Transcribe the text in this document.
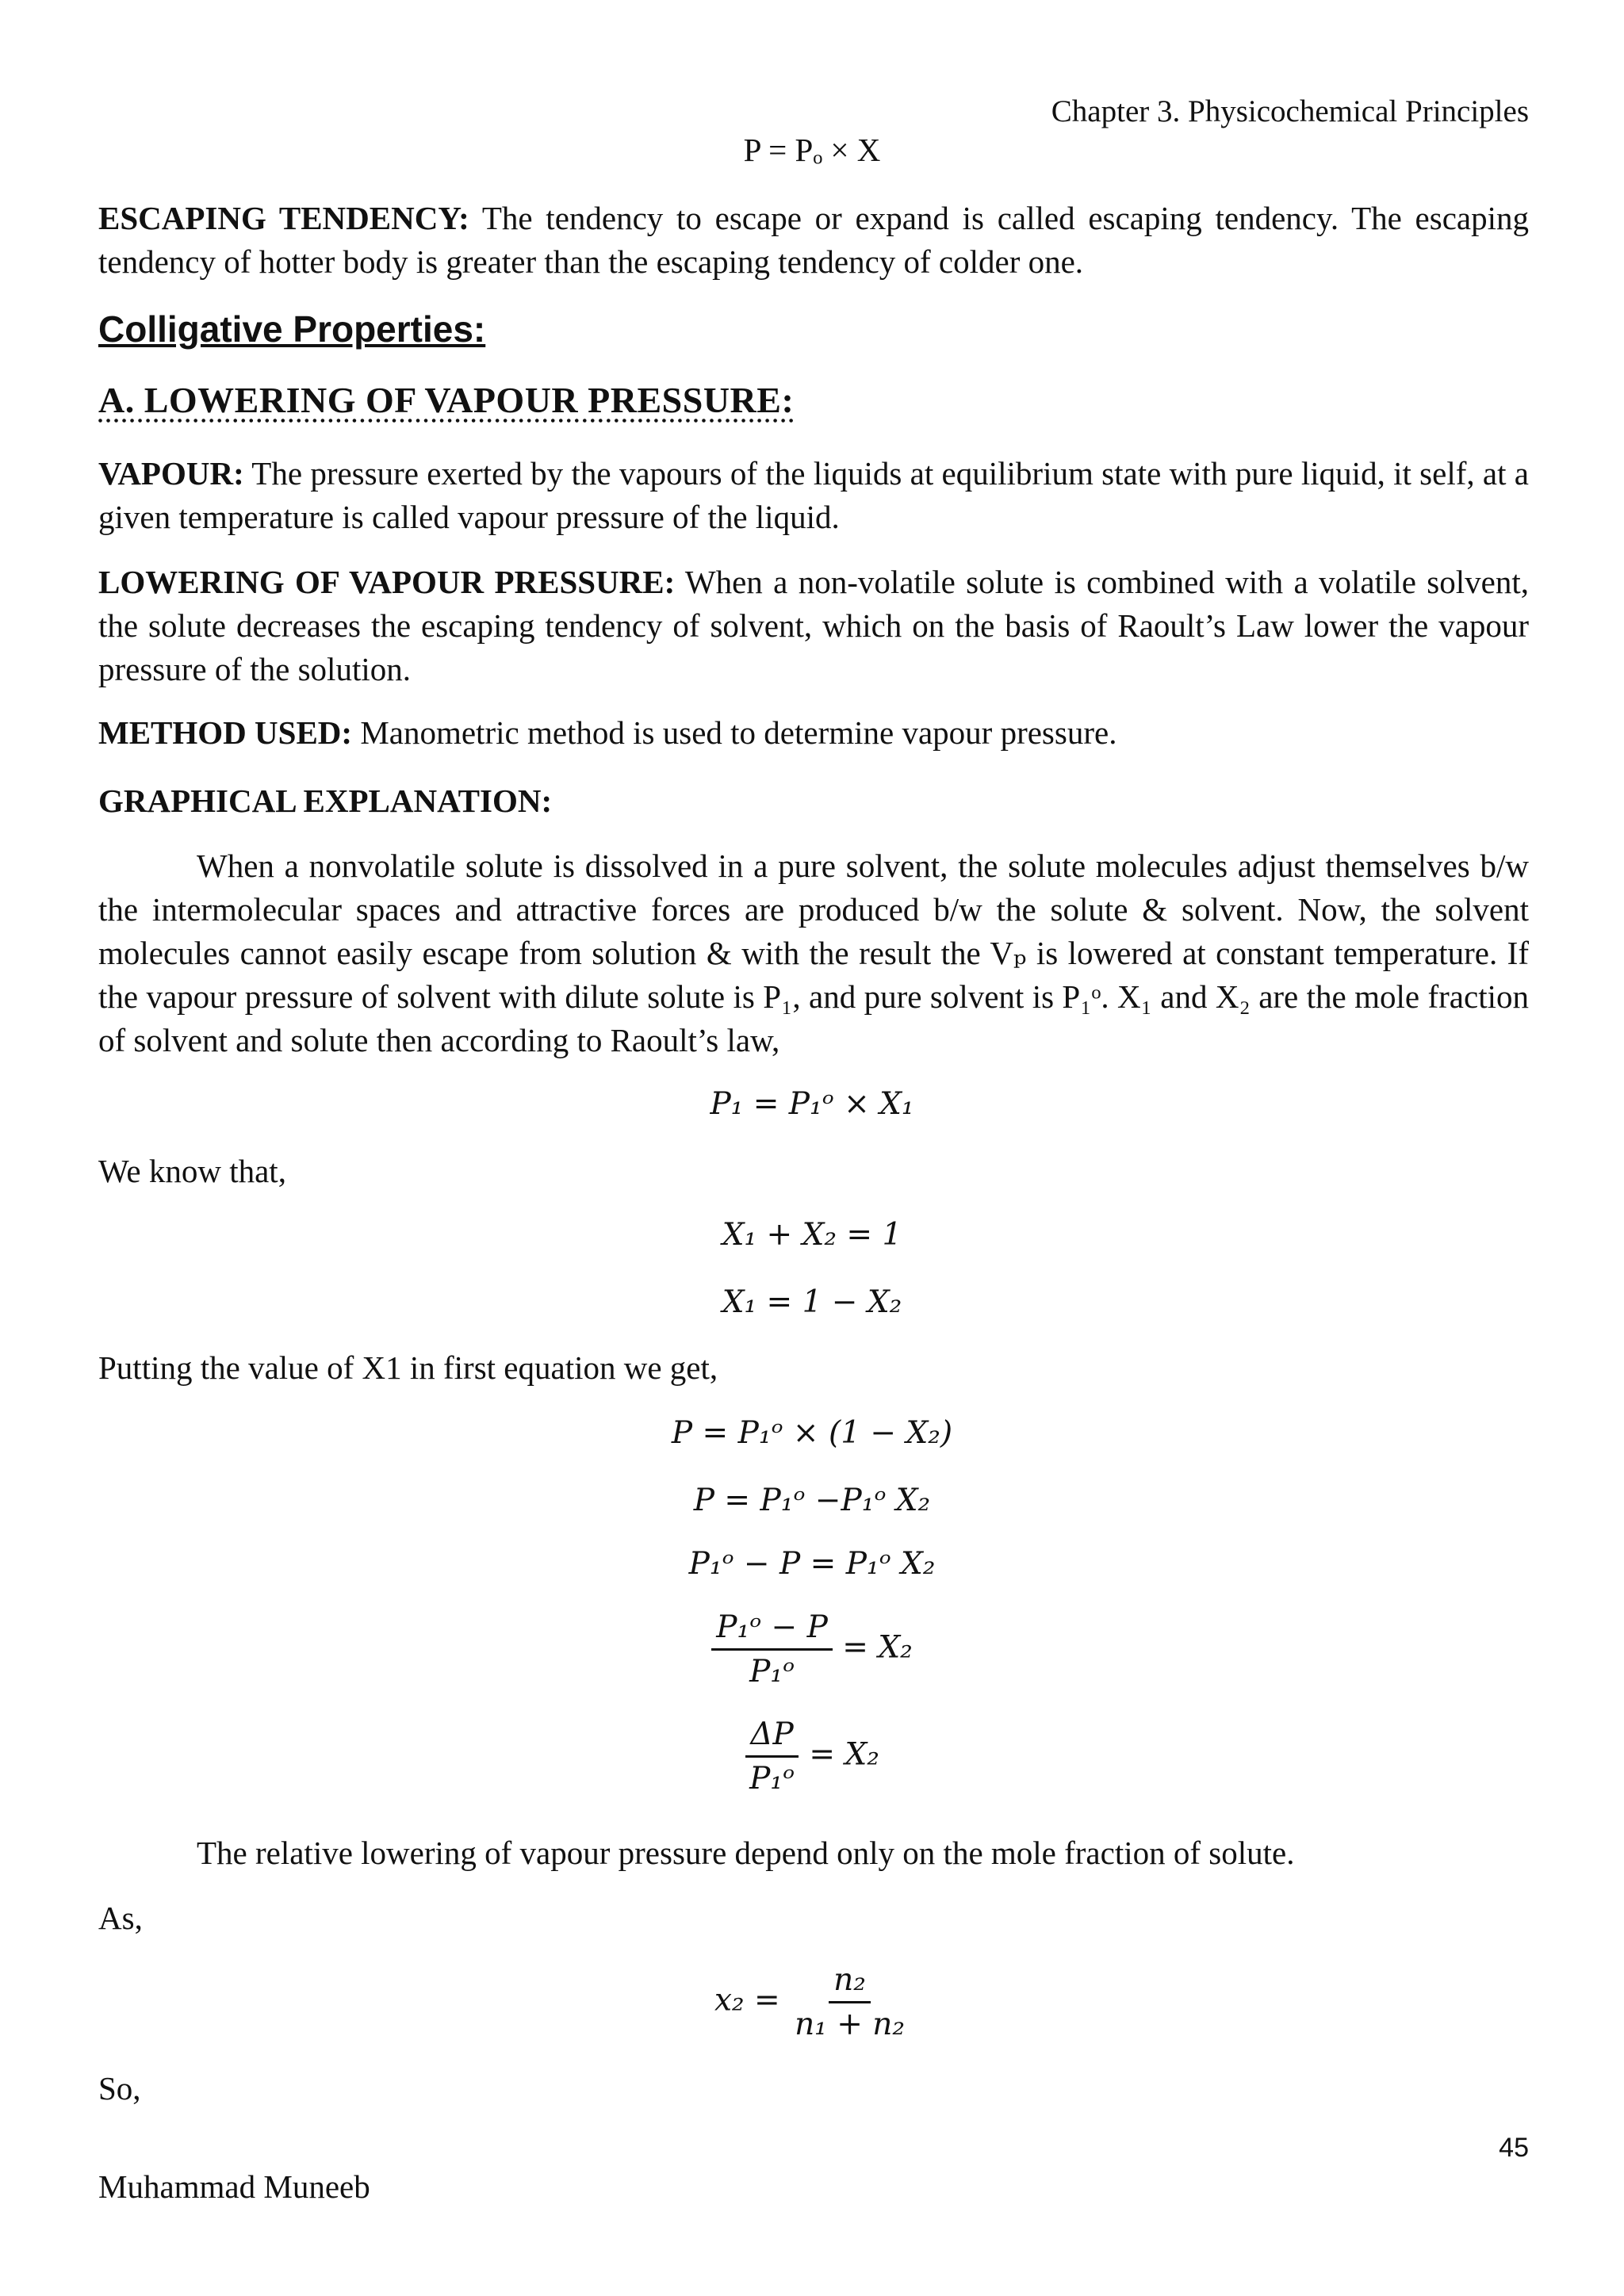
Chapter 3. Physicochemical Principles
P = Pₒ × X
ESCAPING TENDENCY: The tendency to escape or expand is called escaping tendency. The escaping tendency of hotter body is greater than the escaping tendency of colder one.
Colligative Properties:
A. LOWERING OF VAPOUR PRESSURE:
VAPOUR: The pressure exerted by the vapours of the liquids at equilibrium state with pure liquid, it self, at a given temperature is called vapour pressure of the liquid.
LOWERING OF VAPOUR PRESSURE: When a non-volatile solute is combined with a volatile solvent, the solute decreases the escaping tendency of solvent, which on the basis of Raoult’s Law lower the vapour pressure of the solution.
METHOD USED: Manometric method is used to determine vapour pressure.
GRAPHICAL EXPLANATION:
When a nonvolatile solute is dissolved in a pure solvent, the solute molecules adjust themselves b/w the intermolecular spaces and attractive forces are produced b/w the solute & solvent. Now, the solvent molecules cannot easily escape from solution & with the result the Vₚ is lowered at constant temperature. If the vapour pressure of solvent with dilute solute is P₁, and pure solvent is P₁ᵒ. X₁ and X₂ are the mole fraction of solvent and solute then according to Raoult’s law,
P₁ = P₁ᵒ × X₁
We know that,
X₁ + X₂ = 1
X₁ = 1 − X₂
Putting the value of X1 in first equation we get,
P = P₁ᵒ × (1 − X₂)
P = P₁ᵒ −P₁ᵒ X₂
P₁ᵒ − P = P₁ᵒ X₂
$\frac{\text{P₁ᵒ − P}}{\text{P₁ᵒ}} = X_2$
$\frac{\Delta P}{\text{P₁ᵒ}} = X_2$
The relative lowering of vapour pressure depend only on the mole fraction of solute.
As,
$x_2 = \frac{\text{n₂}}{\text{n₁ + n₂}}$
So,
45
Muhammad Muneeb
